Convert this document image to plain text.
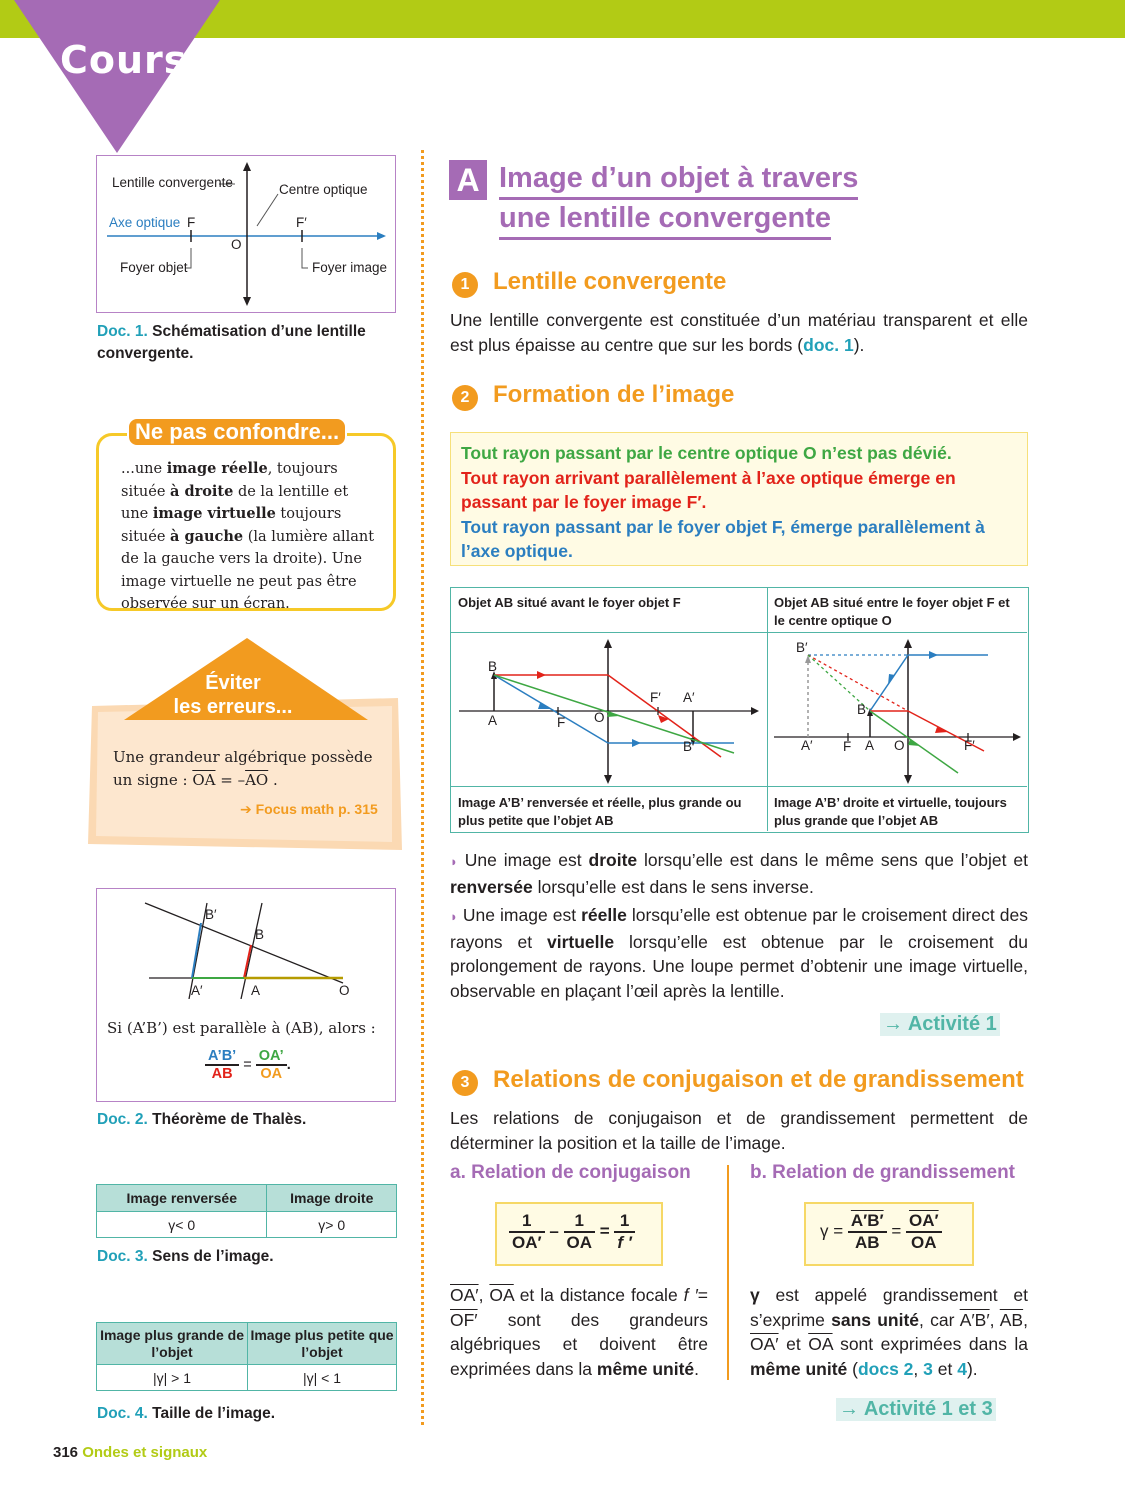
Cours
Lentille convergente	Centre optique
Axe optique F	F′
O
Foyer objet	Foyer image
Doc. 1. Schématisation d’une lentille convergente.
Ne pas confondre...
...une image réelle, toujours située à droite de la lentille et une image virtuelle toujours située à gauche (la lumière allant de la gauche vers la droite). Une image virtuelle ne peut pas être observée sur un écran.
Éviter
les erreurs...
Une grandeur algébrique possède un signe : $\overline{OA} = -\overline{AO}$ .
➔ Focus math p. 315
B′
B
A′	A	O
Si (A’B’) est parallèle à (AB), alors :
$\frac{A’B’}{AB} = \frac{OA’}{OA}$ .
Doc. 2. Théorème de Thalès.
Image renversée	Image droite
γ< 0	γ> 0
Doc. 3. Sens de l’image.
Image plus grande de l’objet	Image plus petite que l’objet
|γ| > 1	|γ| < 1
Doc. 4. Taille de l’image.
316 Ondes et signaux
A Image d’un objet à travers
une lentille convergente
1 Lentille convergente
Une lentille convergente est constituée d’un matériau transparent et elle est plus épaisse au centre que sur les bords (doc. 1).
2 Formation de l’image
Tout rayon passant par le centre optique O n’est pas dévié.
Tout rayon arrivant parallèlement à l’axe optique émerge en passant par le foyer image F′.
Tout rayon passant par le foyer objet F, émerge parallèlement à l’axe optique.
Objet AB situé avant le foyer objet F	Objet AB situé entre le foyer objet F et le centre optique O
Image A’B’ renversée et réelle, plus grande ou plus petite que l’objet AB
Image A’B’ droite et virtuelle, toujours plus grande que l’objet AB
B
A	F O
F′ A′
B′
B′
B
A′ F A O	F′
◗ Une image est droite lorsqu’elle est dans le même sens que l’objet et renversée lorsqu’elle est dans le sens inverse.
◗ Une image est réelle lorsqu’elle est obtenue par le croisement direct des rayons et virtuelle lorsqu’elle est obtenue par le croisement du prolongement de rayons. Une loupe permet d’obtenir une image virtuelle, observable en plaçant l’œil après la lentille.
→ Activité 1
3 Relations de conjugaison et de grandissement
Les relations de conjugaison et de grandissement permettent de déterminer la position et la taille de l’image.
a. Relation de conjugaison
$\frac{1}{OA'} - \frac{1}{OA} = \frac{1}{f '}$
OA′, $\overline{OA}$ et la distance focale f ′= OF′ sont des grandeurs algébriques et doivent être exprimées dans la même unité.
b. Relation de grandissement
$\gamma = \frac{A'B'}{AB} = \frac{OA'}{OA}$
γ est appelé grandissement et s’exprime sans unité, car A′B′, $\overline{AB}$, OA′ et $\overline{OA}$ sont exprimées dans la même unité (docs 2, 3 et 4).
→ Activité 1 et 3
